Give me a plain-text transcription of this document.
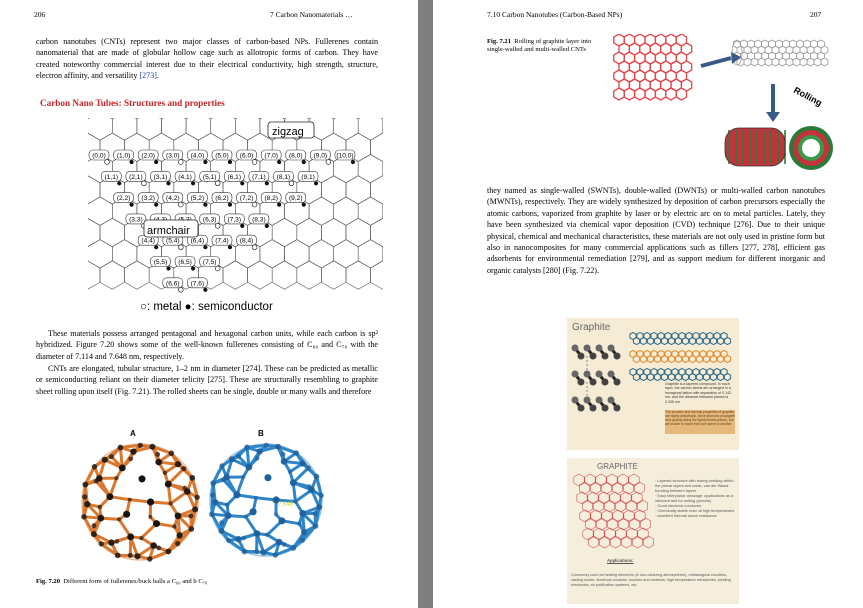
206	7 Carbon Nanomaterials …

carbon nanotubes (CNTs) represent two major classes of carbon-based NPs. Fullerenes contain nanomaterial that are made of globular hollow cage such as allotropic forms of carbon. They have created noteworthy commercial interest due to their electrical conductivity, high strength, structure, electron affinity, and versatility [273].

Carbon Nano Tubes: Structures and properties
(0,0) (1,0) (2,0) (3,0) (4,0) (5,0) (6,0) (7,0) (8,0) (9,0) (10,0)
(1,1) (2,1) (3,1) (4,1) (5,1) (6,1) (7,1) (8,1) (9,1)
(2,2) (3,2) (4,2) (5,2) (6,2) (7,2) (8,2) (9,2)
(3,3)	(6,3) (7,3) (8,3)
(4,4) (5,4) (6,4) (7,4) (8,4)
(5,5) (6,5) (7,5)
(6,6) (7,6)
zigzag
armchair
○: metal ●: semiconductor

These materials possess arranged pentagonal and hexagonal carbon units, while each carbon is sp² hybridized. Figure 7.20 shows some of the well-known fullerenes consisting of C₆₀ and C₇₀ with the diameter of 7.114 and 7.648 nm, respectively.

CNTs are elongated, tubular structure, 1–2 nm in diameter [274]. These can be predicted as metallic or semiconducting reliant on their diameter telicity [275]. These are structurally resembling to graphite sheet rolling upon itself (Fig. 7.21). The rolled sheets can be single, double or many walls and therefore

A	B
7.648
Fig. 7.20 Different form of fullerenes/buck balls a C₆₀ and b C₇₀
7.10 Carbon Nanotubes (Carbon-Based NPs)	207
Fig. 7.21 Rolling of graphite layer into single-walled and multi-walled CNTs
Rolling

they named as single-walled (SWNTs), double-walled (DWNTs) or multi-walled carbon nanotubes (MWNTs), respectively. They are widely synthesized by deposition of carbon precursors especially the atomic carbons, vaporized from graphite by laser or by electric arc on to metal particles. Lately, they have been synthesized via chemical vapor deposition (CVD) technique [276]. Due to their unique physical, chemical and mechanical characteristics, these materials are not only used in pristine form but also in nanocomposites for many commercial applications such as fillers [277, 278], efficient gas adsorbents for environmental remediation [279], and as support medium for different inorganic and organic catalysts [280] (Fig. 7.22).

Graphite
Graphite is a layered compound. In each layer, the carbon atoms are arranged in a hexagonal lattice with separation of 0.142 nm, and the distance between planes is 0.335 nm
The acoustic and thermal properties of graphite are highly anisotropic, since phonons propagate very quickly along the tightly bound planes, but are slower to travel from one plane to another.
GRAPHITE
· Layered structure with strong bonding within the planar layers and weak, van der Waals bonding between layers
· Easy interplanar cleavage, applications as a lubricant and for writing (pencils)
· Good electrical conductor
· Chemically stable even at high temperatures
· excellent thermal shock resistance
Applications:
Commonly used as heating elements (in non-oxidizing atmospheres), metallurgical crucibles, casting molds, electrical contacts, brushes and resistors, high temperature refractories, welding electrodes, air purification systems, etc.
